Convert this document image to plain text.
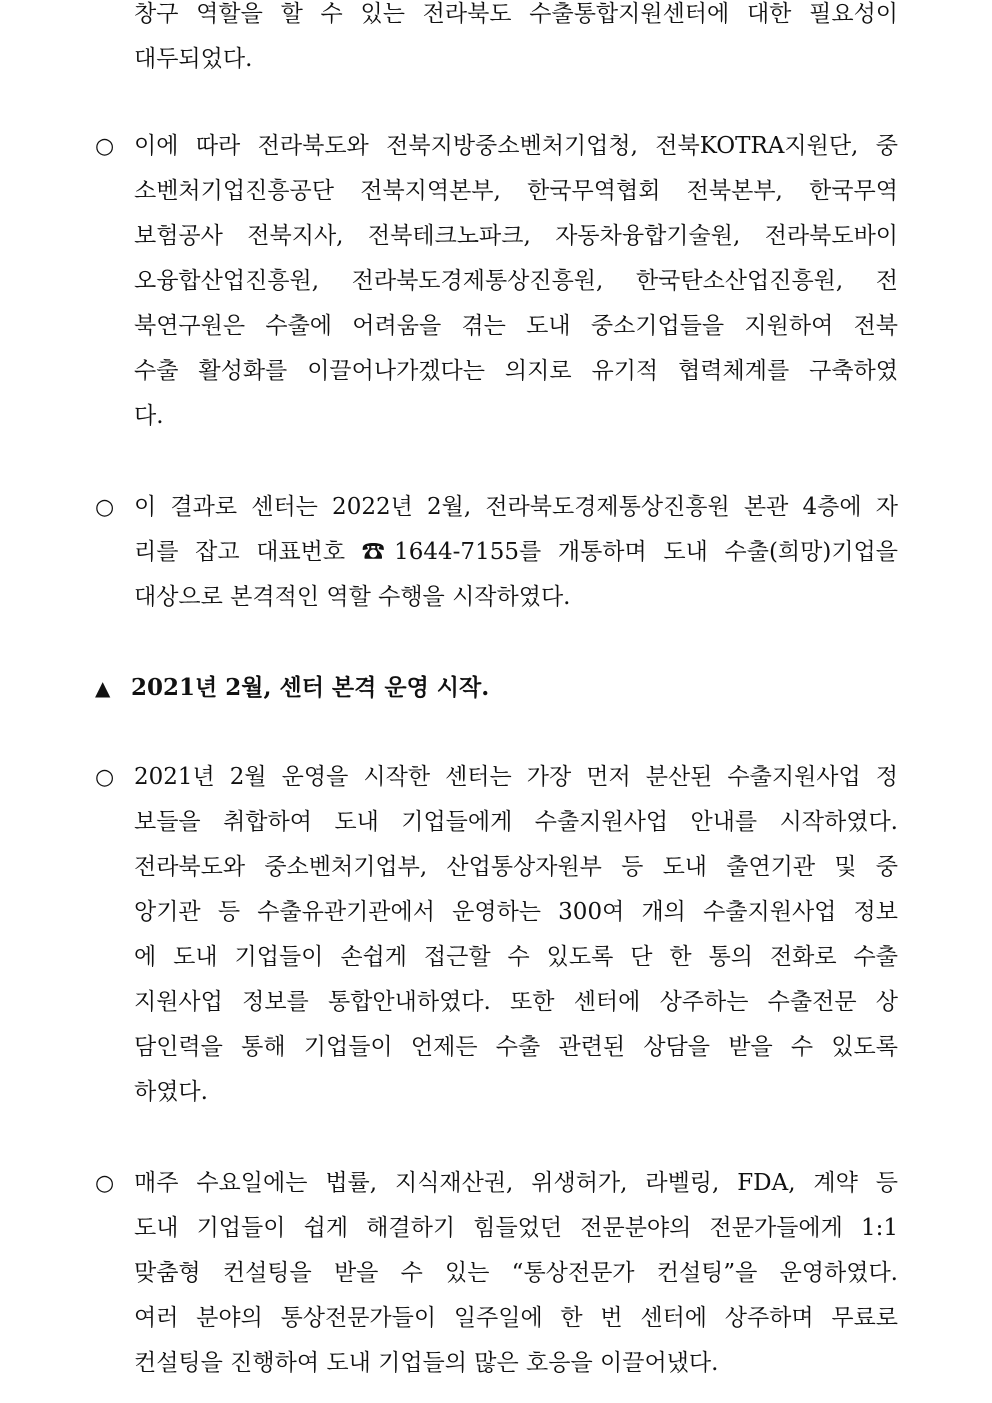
창구 역할을 할 수 있는 전라북도 수출통합지원센터에 대한 필요성이
대두되었다.
○ 이에 따라 전라북도와 전북지방중소벤처기업청, 전북KOTRA지원단, 중
소벤처기업진흥공단 전북지역본부, 한국무역협회 전북본부, 한국무역
보험공사 전북지사, 전북테크노파크, 자동차융합기술원, 전라북도바이
오융합산업진흥원, 전라북도경제통상진흥원, 한국탄소산업진흥원, 전
북연구원은 수출에 어려움을 겪는 도내 중소기업들을 지원하여 전북
수출 활성화를 이끌어나가겠다는 의지로 유기적 협력체계를 구축하였
다.
○ 이 결과로 센터는 2022년 2월, 전라북도경제통상진흥원 본관 4층에 자
리를 잡고 대표번호 ☎1644-7155를 개통하며 도내 수출(희망)기업을
대상으로 본격적인 역할 수행을 시작하였다.
▲ 2021년 2월, 센터 본격 운영 시작.
○ 2021년 2월 운영을 시작한 센터는 가장 먼저 분산된 수출지원사업 정
보들을 취합하여 도내 기업들에게 수출지원사업 안내를 시작하였다.
전라북도와 중소벤처기업부, 산업통상자원부 등 도내 출연기관 및 중
앙기관 등 수출유관기관에서 운영하는 300여 개의 수출지원사업 정보
에 도내 기업들이 손쉽게 접근할 수 있도록 단 한 통의 전화로 수출
지원사업 정보를 통합안내하였다. 또한 센터에 상주하는 수출전문 상
담인력을 통해 기업들이 언제든 수출 관련된 상담을 받을 수 있도록
하였다.
○ 매주 수요일에는 법률, 지식재산권, 위생허가, 라벨링, FDA, 계약 등
도내 기업들이 쉽게 해결하기 힘들었던 전문분야의 전문가들에게 1:1
맞춤형 컨설팅을 받을 수 있는 “통상전문가 컨설팅”을 운영하였다.
여러 분야의 통상전문가들이 일주일에 한 번 센터에 상주하며 무료로
컨설팅을 진행하여 도내 기업들의 많은 호응을 이끌어냈다.
